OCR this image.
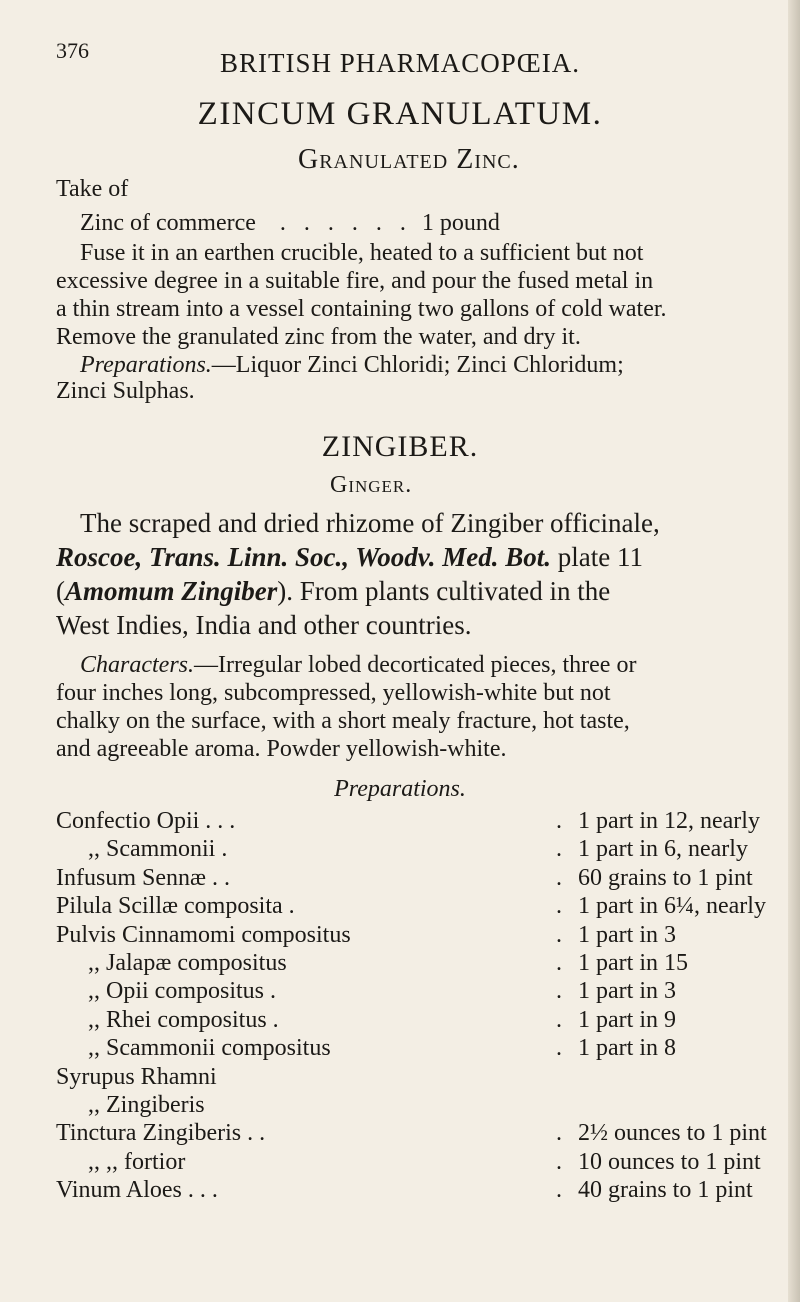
376	BRITISH PHARMACOPŒIA.
ZINCUM GRANULATUM.
Granulated Zinc.
Take of
Zinc of commerce . . . . . . 1 pound
Fuse it in an earthen crucible, heated to a sufficient but not
excessive degree in a suitable fire, and pour the fused metal in
a thin stream into a vessel containing two gallons of cold water.
Remove the granulated zinc from the water, and dry it.
Preparations.—Liquor Zinci Chloridi; Zinci Chloridum;
Zinci Sulphas.
ZINGIBER.
Ginger.
The scraped and dried rhizome of Zingiber officinale,
Roscoe, Trans. Linn. Soc., Woodv. Med. Bot. plate 11
(Amomum Zingiber). From plants cultivated in the
West Indies, India and other countries.
Characters.—Irregular lobed decorticated pieces, three or
four inches long, subcompressed, yellowish-white but not
chalky on the surface, with a short mealy fracture, hot taste,
and agreeable aroma. Powder yellowish-white.
Preparations.
Confectio Opii . . .	. 1 part in 12, nearly
,, Scammonii .	. 1 part in 6, nearly
Infusum Sennæ . .	. 60 grains to 1 pint
Pilula Scillæ composita .	. 1 part in 6¼, nearly
Pulvis Cinnamomi compositus	. 1 part in 3
,, Jalapæ compositus	. 1 part in 15
,, Opii compositus .	. 1 part in 3
,, Rhei compositus .	. 1 part in 9
,, Scammonii compositus	. 1 part in 8
Syrupus Rhamni
,, Zingiberis
Tinctura Zingiberis . .	. 2½ ounces to 1 pint
,, ,, fortior	. 10 ounces to 1 pint
Vinum Aloes . . .	. 40 grains to 1 pint
